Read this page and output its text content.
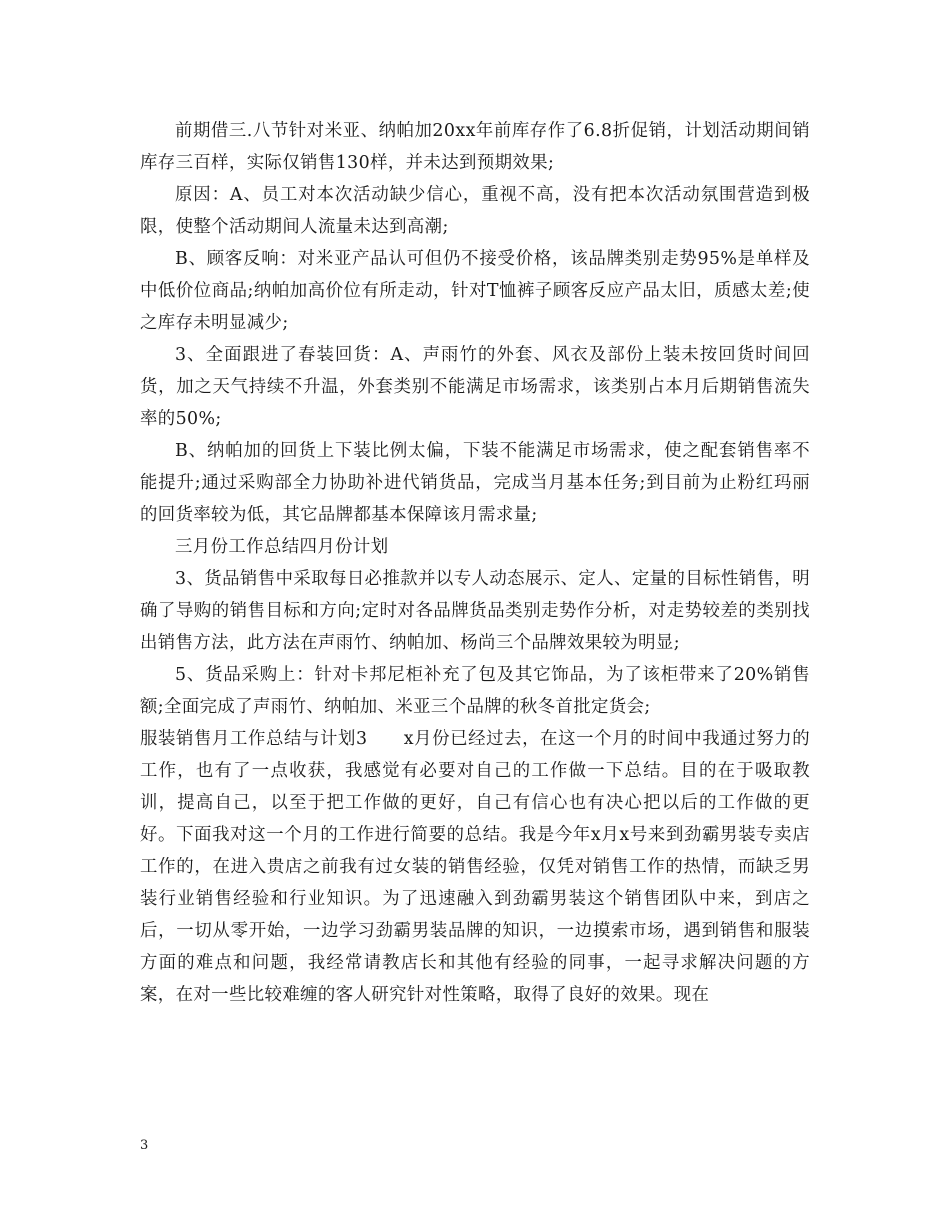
前期借三.八节针对米亚、纳帕加20xx年前库存作了6.8折促销，计划活动期间销库存三百样，实际仅销售130样，并未达到预期效果;

原因：A、员工对本次活动缺少信心，重视不高，没有把本次活动氛围营造到极限，使整个活动期间人流量未达到高潮;

B、顾客反响：对米亚产品认可但仍不接受价格，该品牌类别走势95%是单样及中低价位商品;纳帕加高价位有所走动，针对T恤裤子顾客反应产品太旧，质感太差;使之库存未明显减少;

3、全面跟进了春装回货：A、声雨竹的外套、风衣及部份上装未按回货时间回货，加之天气持续不升温，外套类别不能满足市场需求，该类别占本月后期销售流失率的50%;

B、纳帕加的回货上下装比例太偏，下装不能满足市场需求，使之配套销售率不能提升;通过采购部全力协助补进代销货品，完成当月基本任务;到目前为止粉红玛丽的回货率较为低，其它品牌都基本保障该月需求量;

三月份工作总结四月份计划

3、货品销售中采取每日必推款并以专人动态展示、定人、定量的目标性销售，明确了导购的销售目标和方向;定时对各品牌货品类别走势作分析，对走势较差的类别找出销售方法，此方法在声雨竹、纳帕加、杨尚三个品牌效果较为明显;

5、货品采购上：针对卡邦尼柜补充了包及其它饰品，为了该柜带来了20%销售额;全面完成了声雨竹、纳帕加、米亚三个品牌的秋冬首批定货会;

服装销售月工作总结与计划3　　x月份已经过去，在这一个月的时间中我通过努力的工作，也有了一点收获，我感觉有必要对自己的工作做一下总结。目的在于吸取教训，提高自己，以至于把工作做的更好，自己有信心也有决心把以后的工作做的更好。下面我对这一个月的工作进行简要的总结。我是今年x月x号来到劲霸男装专卖店工作的，在进入贵店之前我有过女装的销售经验，仅凭对销售工作的热情，而缺乏男装行业销售经验和行业知识。为了迅速融入到劲霸男装这个销售团队中来，到店之后，一切从零开始，一边学习劲霸男装品牌的知识，一边摸索市场，遇到销售和服装方面的难点和问题，我经常请教店长和其他有经验的同事，一起寻求解决问题的方案，在对一些比较难缠的客人研究针对性策略，取得了良好的效果。现在

3
